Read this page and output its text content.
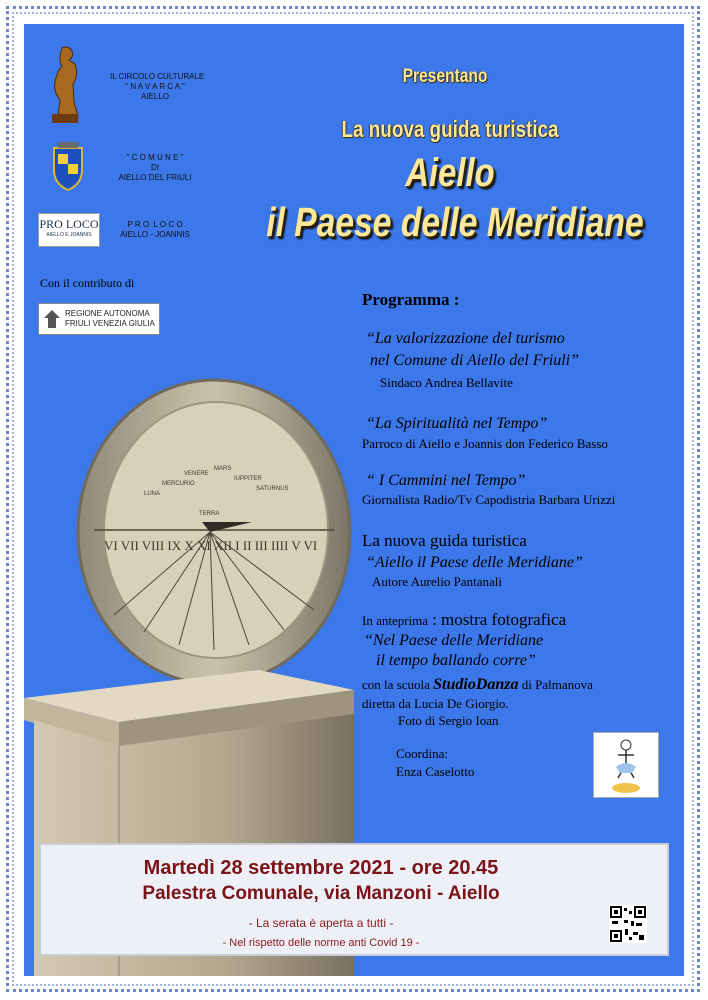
IL CIRCOLO CULTURALE
" N A V A R C A "
AIELLO
" C O M U N E "
DI
AIELLO DEL FRIULI
PRO LOCO
AIELLO E JOANNIS
P R O  L O C O
AIELLO - JOANNIS
Con il contributo di
REGIONE AUTONOMA
FRIULI VENEZIA GIULIA
Presentano
La nuova guida turistica
Aiello
il Paese delle Meridiane
VI VII VIII IX X XI XII I II III IIII V VI
LUNA
MERCURIO
VENERE
TERRA
MARS
IUPPITER
SATURNUS
Programma :
“La valorizzazione del turismo
nel Comune di Aiello del Friuli”
Sindaco Andrea Bellavite
“La Spiritualità nel Tempo”
Parroco di Aiello e Joannis don Federico Basso
“ I Cammini nel Tempo”
Giornalista Radio/Tv Capodistria Barbara Urizzi
La nuova guida turistica
“Aiello il Paese delle Meridiane”
Autore Aurelio Pantanali
In anteprima : mostra fotografica
“Nel Paese delle Meridiane
il tempo ballando corre”
con la scuola StudioDanza di Palmanova
diretta da Lucia De Giorgio.
Foto di Sergio Ioan
Coordina:
Enza Caselotto
Martedì 28 settembre 2021 - ore 20.45
Palestra Comunale, via Manzoni - Aiello
- La serata è aperta a tutti -
- Nel rispetto delle norme anti Covid 19 -
